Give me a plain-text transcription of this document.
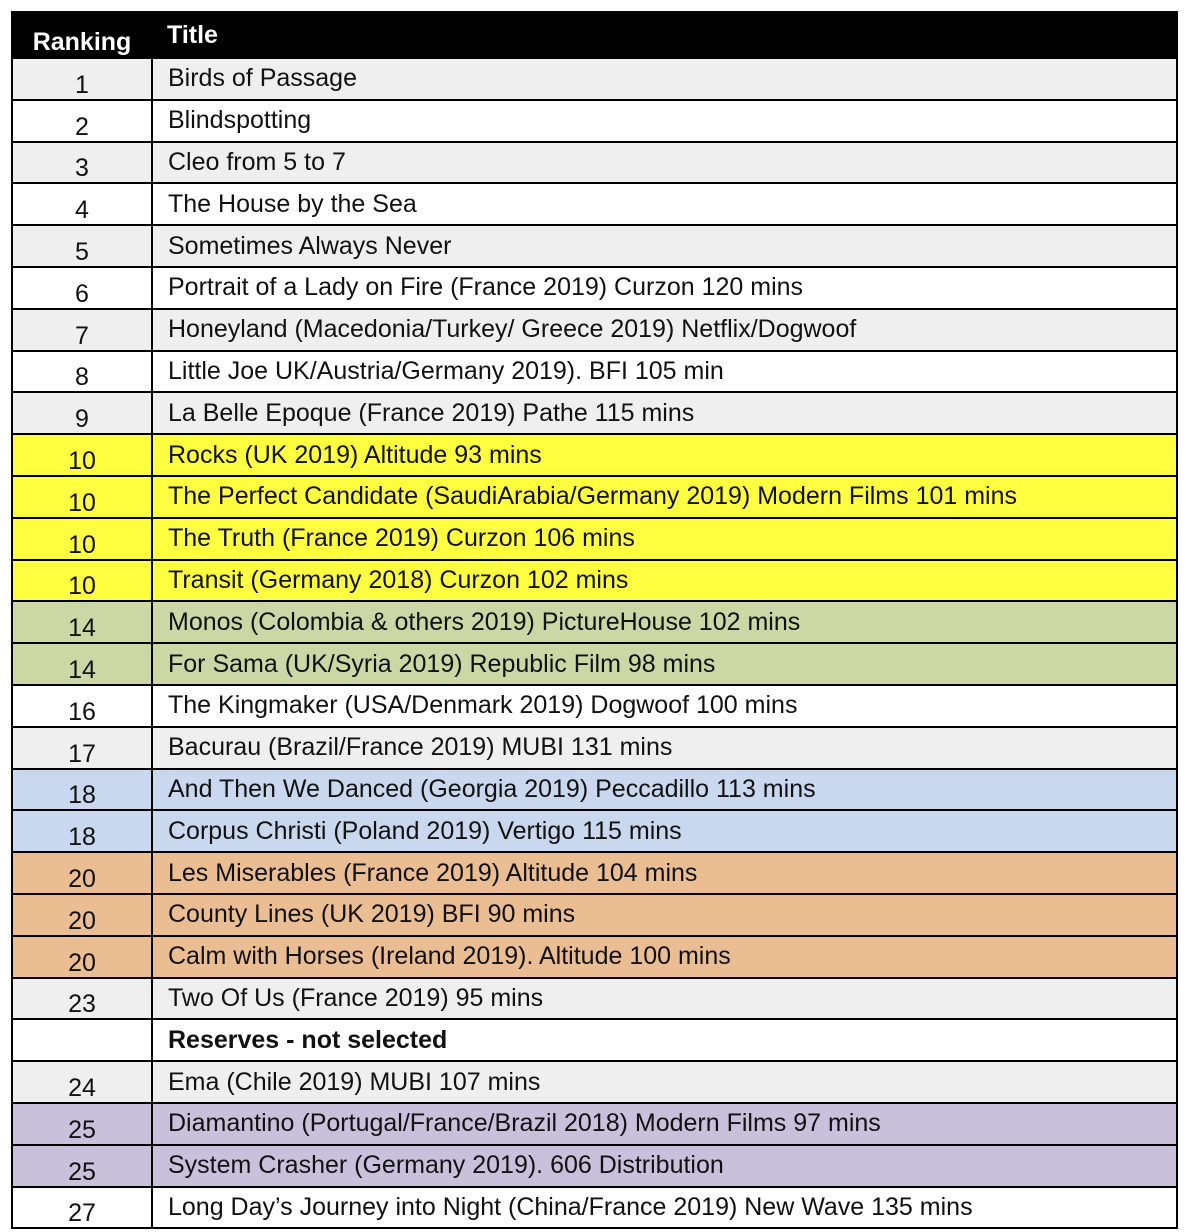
Ranking	Title
1	Birds of Passage
2	Blindspotting
3	Cleo from 5 to 7
4	The House by the Sea
5	Sometimes Always Never
6	Portrait of a Lady on Fire (France 2019) Curzon 120 mins
7	Honeyland (Macedonia/Turkey/ Greece 2019) Netflix/Dogwoof
8	Little Joe UK/Austria/Germany 2019). BFI 105 min
9	La Belle Epoque (France 2019) Pathe 115 mins
10	Rocks (UK 2019) Altitude 93 mins
10	The Perfect Candidate (SaudiArabia/Germany 2019) Modern Films 101 mins
10	The Truth (France 2019) Curzon 106 mins
10	Transit (Germany 2018) Curzon 102 mins
14	Monos (Colombia & others 2019) PictureHouse 102 mins
14	For Sama (UK/Syria 2019) Republic Film 98 mins
16	The Kingmaker (USA/Denmark 2019) Dogwoof 100 mins
17	Bacurau (Brazil/France 2019) MUBI 131 mins
18	And Then We Danced (Georgia 2019) Peccadillo 113 mins
18	Corpus Christi (Poland 2019) Vertigo 115 mins
20	Les Miserables (France 2019) Altitude 104 mins
20	County Lines (UK 2019) BFI 90 mins
20	Calm with Horses (Ireland 2019). Altitude 100 mins
23	Two Of Us (France 2019) 95 mins
	Reserves - not selected
24	Ema (Chile 2019) MUBI 107 mins
25	Diamantino (Portugal/France/Brazil 2018) Modern Films 97 mins
25	System Crasher (Germany 2019). 606 Distribution
27	Long Day’s Journey into Night (China/France 2019) New Wave 135 mins
